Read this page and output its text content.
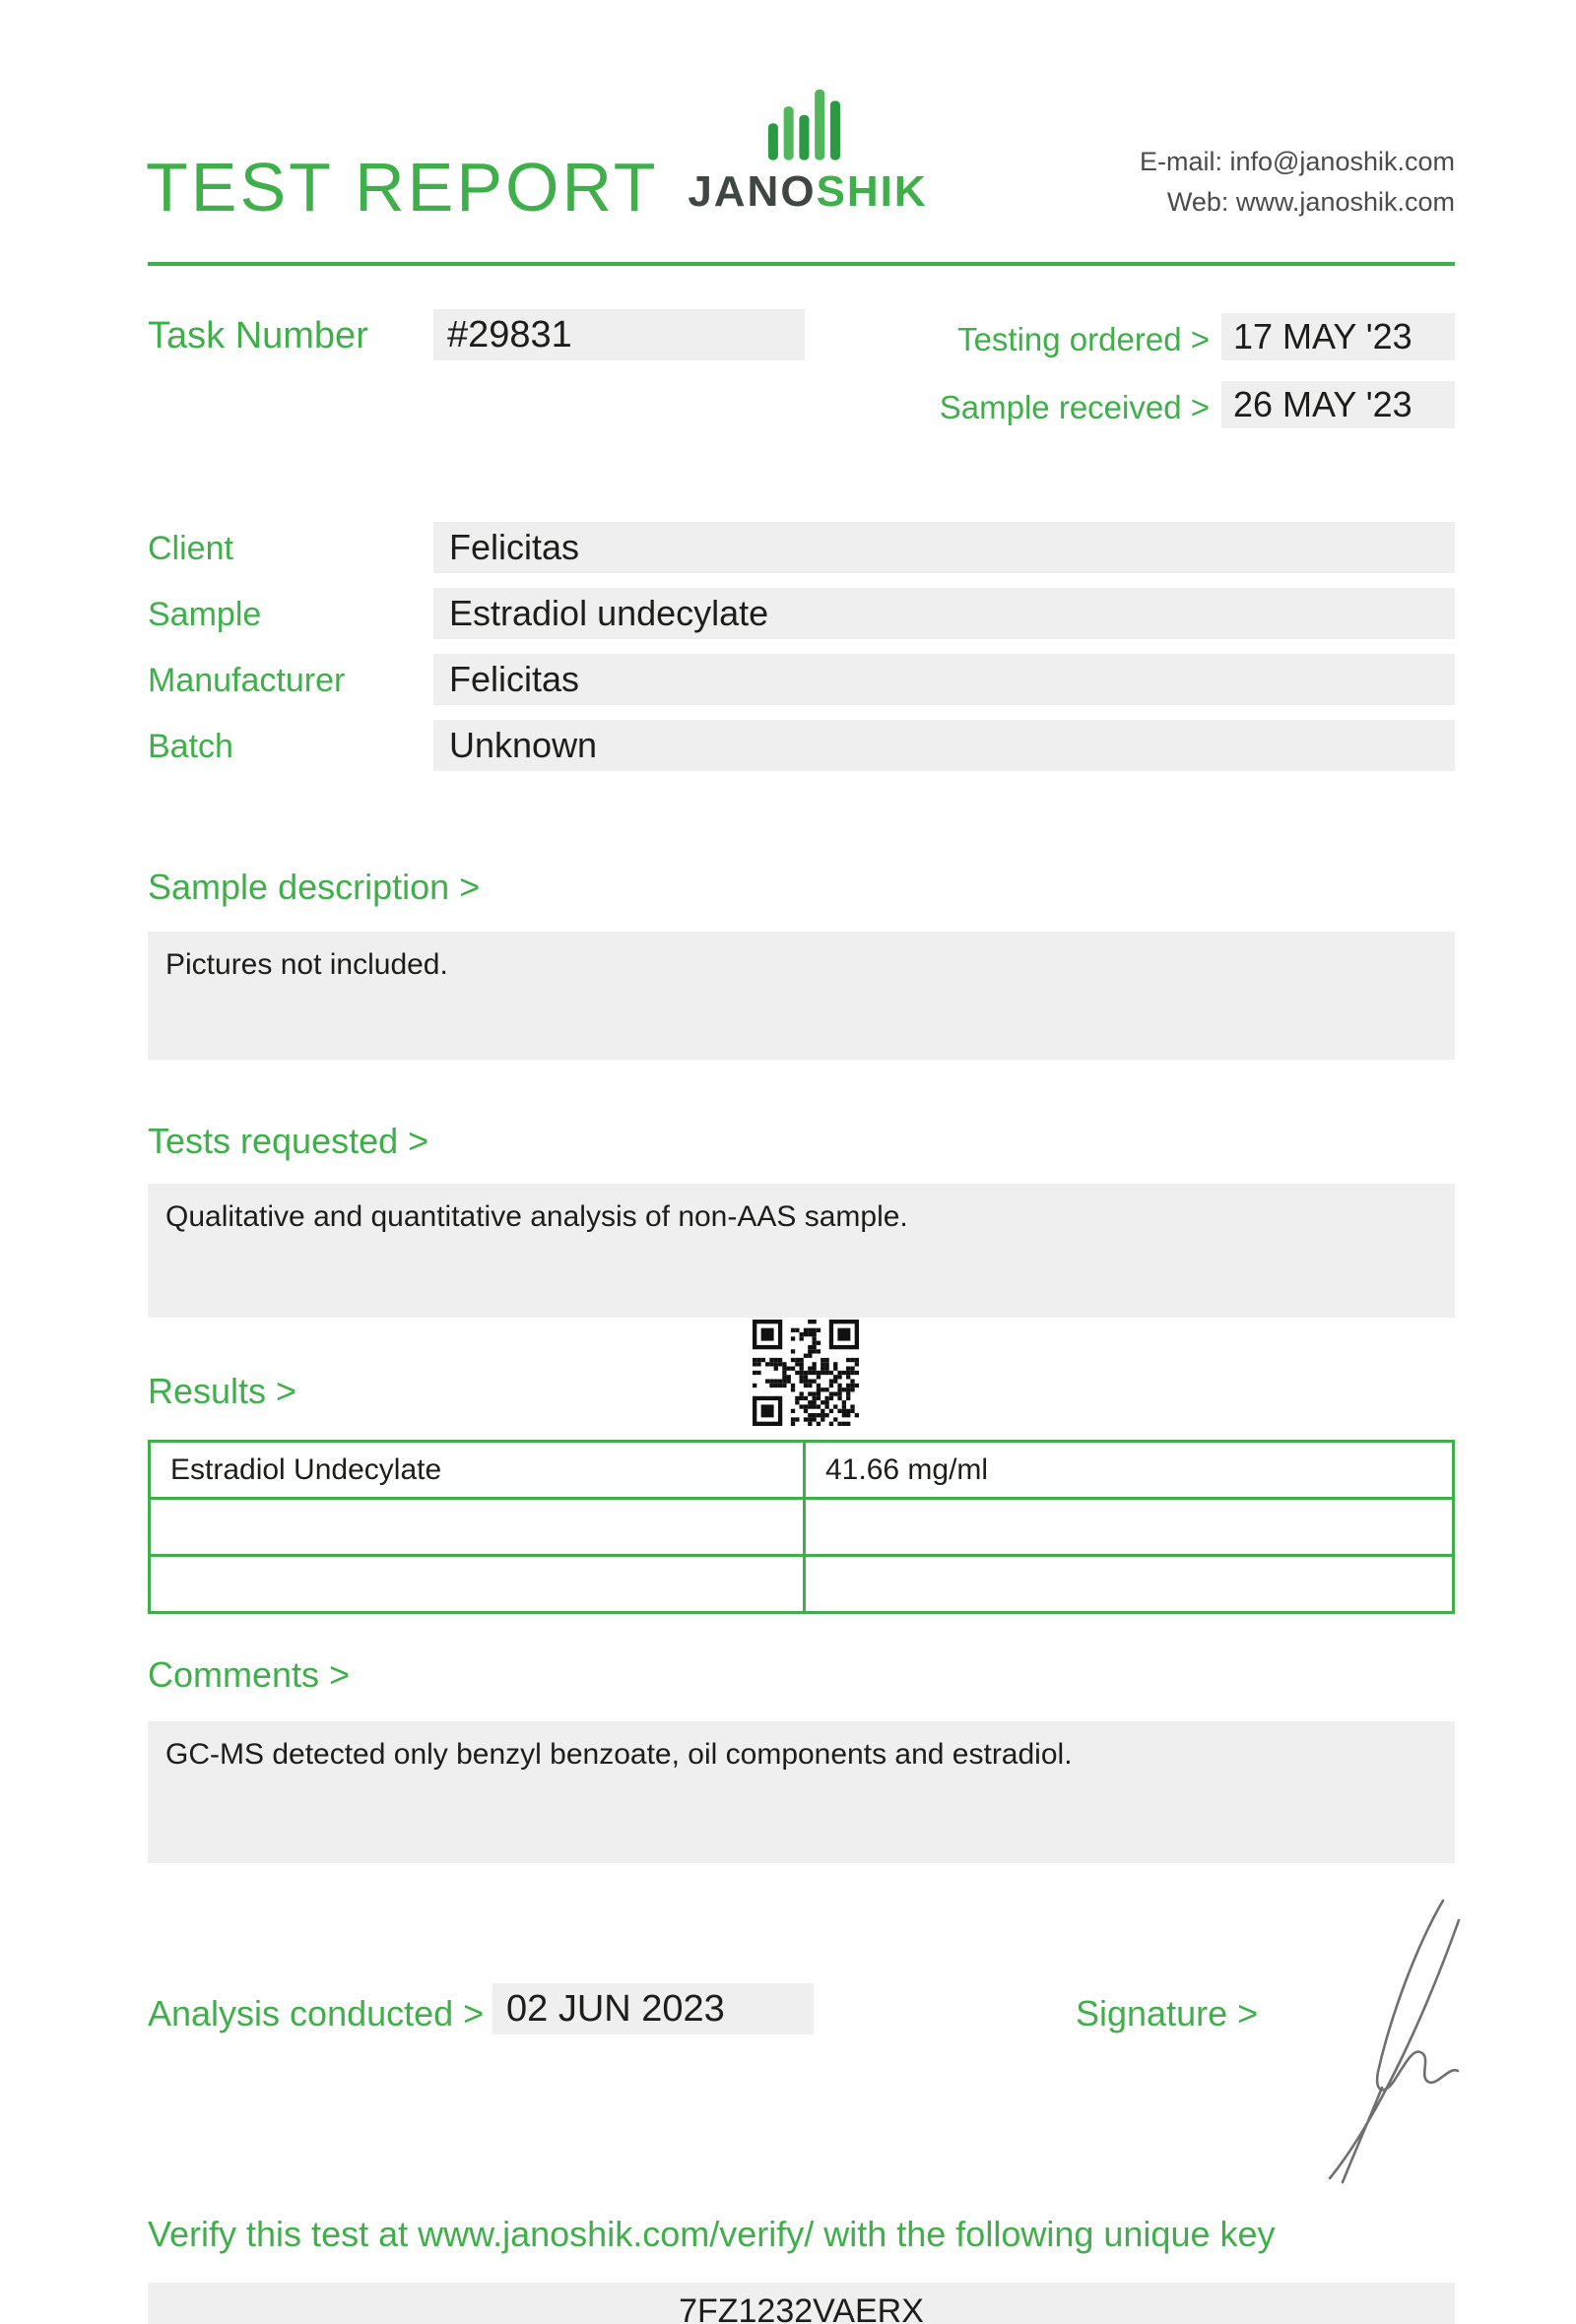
TEST REPORT JANOSHIK
E-mail: info@janoshik.com
Web: www.janoshik.com
Task Number	#29831	Testing ordered > 17 MAY '23
Sample received > 26 MAY '23
Client	Felicitas
Sample	Estradiol undecylate
Manufacturer	Felicitas
Batch	Unknown
Sample description >
Pictures not included.
Tests requested >
Qualitative and quantitative analysis of non-AAS sample.
Results >
Estradiol Undecylate	41.66 mg/ml

Comments >
GC-MS detected only benzyl benzoate, oil components and estradiol.
Analysis conducted > 02 JUN 2023	Signature >
Verify this test at www.janoshik.com/verify/ with the following unique key
7FZ1232VAERX
